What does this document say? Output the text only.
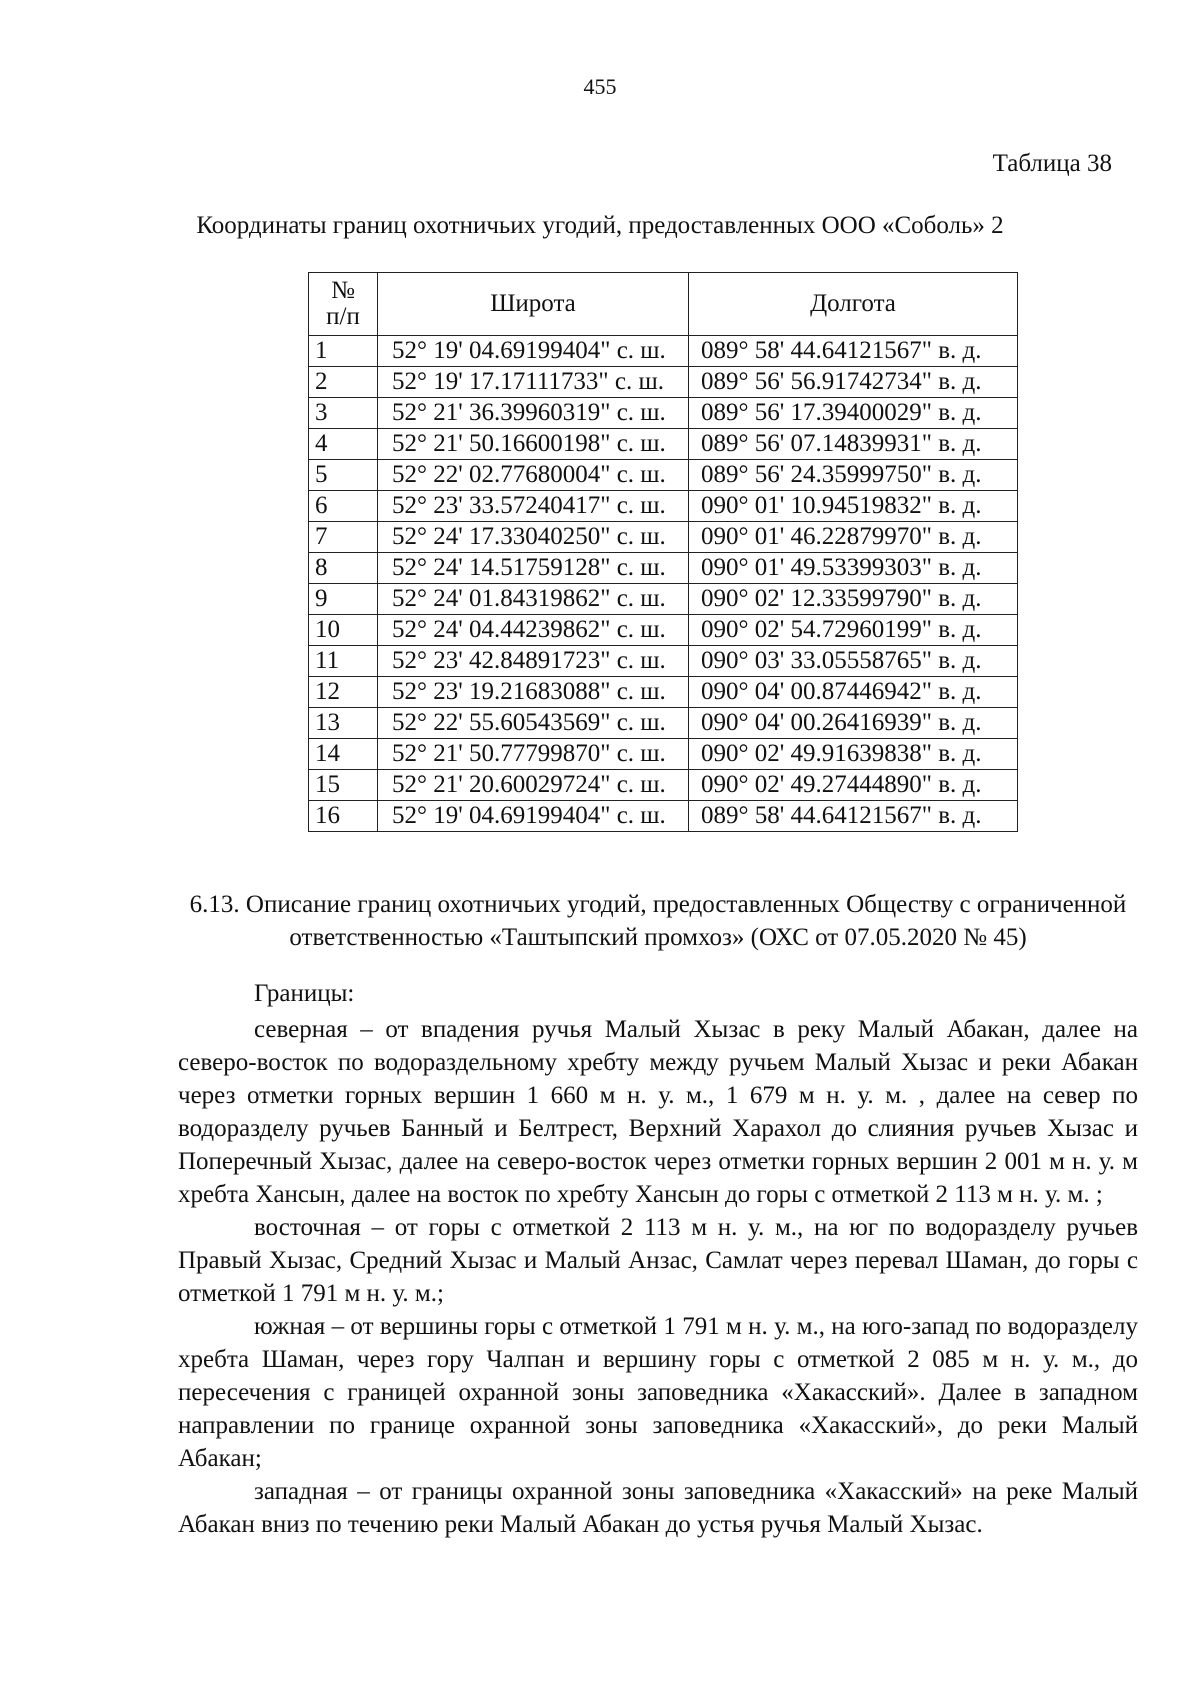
455
Таблица 38
Координаты границ охотничьих угодий, предоставленных ООО «Соболь» 2
№
п/п	Широта	Долгота
1	52° 19' 04.69199404" с. ш.	089° 58' 44.64121567" в. д.
2	52° 19' 17.17111733" с. ш.	089° 56' 56.91742734" в. д.
3	52° 21' 36.39960319" с. ш.	089° 56' 17.39400029" в. д.
4	52° 21' 50.16600198" с. ш.	089° 56' 07.14839931" в. д.
5	52° 22' 02.77680004" с. ш.	089° 56' 24.35999750" в. д.
6	52° 23' 33.57240417" с. ш.	090° 01' 10.94519832" в. д.
7	52° 24' 17.33040250" с. ш.	090° 01' 46.22879970" в. д.
8	52° 24' 14.51759128" с. ш.	090° 01' 49.53399303" в. д.
9	52° 24' 01.84319862" с. ш.	090° 02' 12.33599790" в. д.
10	52° 24' 04.44239862" с. ш.	090° 02' 54.72960199" в. д.
11	52° 23' 42.84891723" с. ш.	090° 03' 33.05558765" в. д.
12	52° 23' 19.21683088" с. ш.	090° 04' 00.87446942" в. д.
13	52° 22' 55.60543569" с. ш.	090° 04' 00.26416939" в. д.
14	52° 21' 50.77799870" с. ш.	090° 02' 49.91639838" в. д.
15	52° 21' 20.60029724" с. ш.	090° 02' 49.27444890" в. д.
16	52° 19' 04.69199404" с. ш.	089° 58' 44.64121567" в. д.
6.13. Описание границ охотничьих угодий, предоставленных Обществу с ограниченной ответственностью «Таштыпский промхоз» (ОХС от 07.05.2020 № 45)
Границы:

северная – от впадения ручья Малый Хызас в реку Малый Абакан, далее на северо-восток по водораздельному хребту между ручьем Малый Хызас и реки Абакан через отметки горных вершин 1 660 м н. у. м., 1 679 м н. у. м. , далее на север по водоразделу ручьев Банный и Белтрест, Верхний Харахол до слияния ручьев Хызас и Поперечный Хызас, далее на северо-восток через отметки горных вершин 2 001 м н. у. м хребта Хансын, далее на восток по хребту Хансын до горы с отметкой 2 113 м н. у. м. ;

восточная – от горы с отметкой 2 113 м н. у. м., на юг по водоразделу ручьев Правый Хызас, Средний Хызас и Малый Анзас, Самлат через перевал Шаман, до горы с отметкой 1 791 м н. у. м.;

южная – от вершины горы с отметкой 1 791 м н. у. м., на юго-запад по водоразделу хребта Шаман, через гору Чалпан и вершину горы с отметкой 2 085 м н. у. м., до пересечения с границей охранной зоны заповедника «Хакасский». Далее в западном направлении по границе охранной зоны заповедника «Хакасский», до реки Малый Абакан;

западная – от границы охранной зоны заповедника «Хакасский» на реке Малый Абакан вниз по течению реки Малый Абакан до устья ручья Малый Хызас.
